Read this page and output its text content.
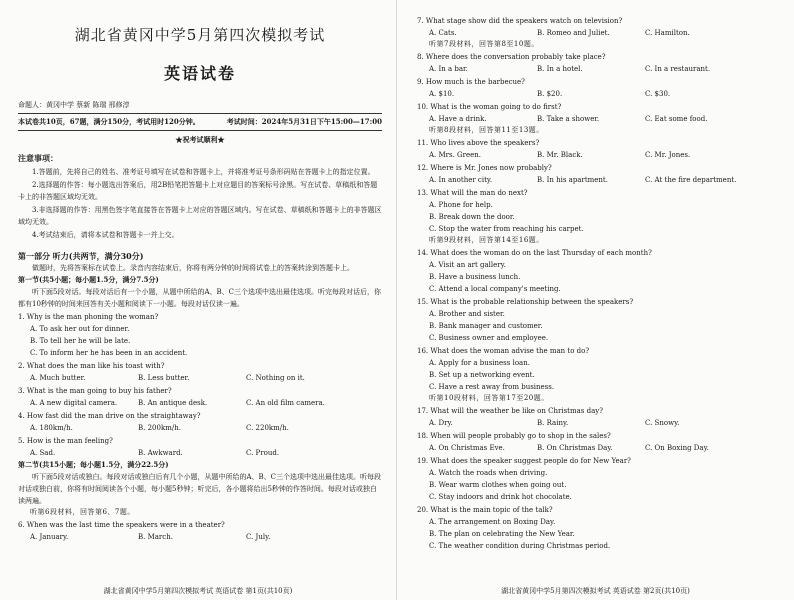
湖北省黄冈中学5月第四次模拟考试
英语试卷
命题人：黄冈中学 蔡新 陈瑞 邢修淳
本试卷共10页，67题，满分150分，考试用时120分钟。	考试时间：2024年5月31日下午15:00—17:00
★祝考试顺利★
注意事项：
1.答题前，先将自己的姓名、准考证号填写在试卷和答题卡上，并将准考证号条形码贴在答题卡上的指定位置。
2.选择题的作答：每小题选出答案后，用2B铅笔把答题卡上对应题目的答案标号涂黑。写在试卷、草稿纸和答题卡上的非答题区域均无效。
3.非选择题的作答：用黑色签字笔直接答在答题卡上对应的答题区域内。写在试卷、草稿纸和答题卡上的非答题区域均无效。
4.考试结束后，请将本试卷和答题卡一并上交。
第一部分 听力(共两节，满分30分)
做题时，先将答案标在试卷上。录音内容结束后，你将有两分钟的时间将试卷上的答案转涂到答题卡上。
第一节(共5小题；每小题1.5分，满分7.5分)
听下面5段对话。每段对话后有一个小题，从题中所给的A、B、C三个选项中选出最佳选项。听完每段对话后，你都有10秒钟的时间来回答有关小题和阅读下一小题。每段对话仅读一遍。
1. Why is the man phoning the woman?
A. To ask her out for dinner.
B. To tell her he will be late.
C. To inform her he has been in an accident.
2. What does the man like his toast with?
A. Much butter.	B. Less butter.	C. Nothing on it.
3. What is the man going to buy his father?
A. A new digital camera.	B. An antique desk.	C. An old film camera.
4. How fast did the man drive on the straightaway?
A. 180km/h.	B. 200km/h.	C. 220km/h.
5. How is the man feeling?
A. Sad.	B. Awkward.	C. Proud.
第二节(共15小题；每小题1.5分，满分22.5分)
听下面5段对话或独白。每段对话或独白后有几个小题，从题中所给的A、B、C三个选项中选出最佳选项。听每段对话或独白前，你将有时间阅读各个小题，每小题5秒钟；听完后，各小题将给出5秒钟的作答时间。每段对话或独白读两遍。
听第6段材料，回答第6、7题。
6. When was the last time the speakers were in a theater?
A. January.	B. March.	C. July.
湖北省黄冈中学5月第四次模拟考试 英语试卷 第1页(共10页)
7. What stage show did the speakers watch on television?
A. Cats.	B. Romeo and Juliet.	C. Hamilton.
听第7段材料，回答第8至10题。
8. Where does the conversation probably take place?
A. In a bar.	B. In a hotel.	C. In a restaurant.
9. How much is the barbecue?
A. $10.	B. $20.	C. $30.
10. What is the woman going to do first?
A. Have a drink.	B. Take a shower.	C. Eat some food.
听第8段材料，回答第11至13题。
11. Who lives above the speakers?
A. Mrs. Green.	B. Mr. Black.	C. Mr. Jones.
12. Where is Mr. Jones now probably?
A. In another city.	B. In his apartment.	C. At the fire department.
13. What will the man do next?
A. Phone for help.
B. Break down the door.
C. Stop the water from reaching his carpet.
听第9段材料，回答第14至16题。
14. What does the woman do on the last Thursday of each month?
A. Visit an art gallery.
B. Have a business lunch.
C. Attend a local company's meeting.
15. What is the probable relationship between the speakers?
A. Brother and sister.
B. Bank manager and customer.
C. Business owner and employee.
16. What does the woman advise the man to do?
A. Apply for a business loan.
B. Set up a networking event.
C. Have a rest away from business.
听第10段材料，回答第17至20题。
17. What will the weather be like on Christmas day?
A. Dry.	B. Rainy.	C. Snowy.
18. When will people probably go to shop in the sales?
A. On Christmas Eve.	B. On Christmas Day.	C. On Boxing Day.
19. What does the speaker suggest people do for New Year?
A. Watch the roads when driving.
B. Wear warm clothes when going out.
C. Stay indoors and drink hot chocolate.
20. What is the main topic of the talk?
A. The arrangement on Boxing Day.
B. The plan on celebrating the New Year.
C. The weather condition during Christmas period.
湖北省黄冈中学5月第四次模拟考试 英语试卷 第2页(共10页)
